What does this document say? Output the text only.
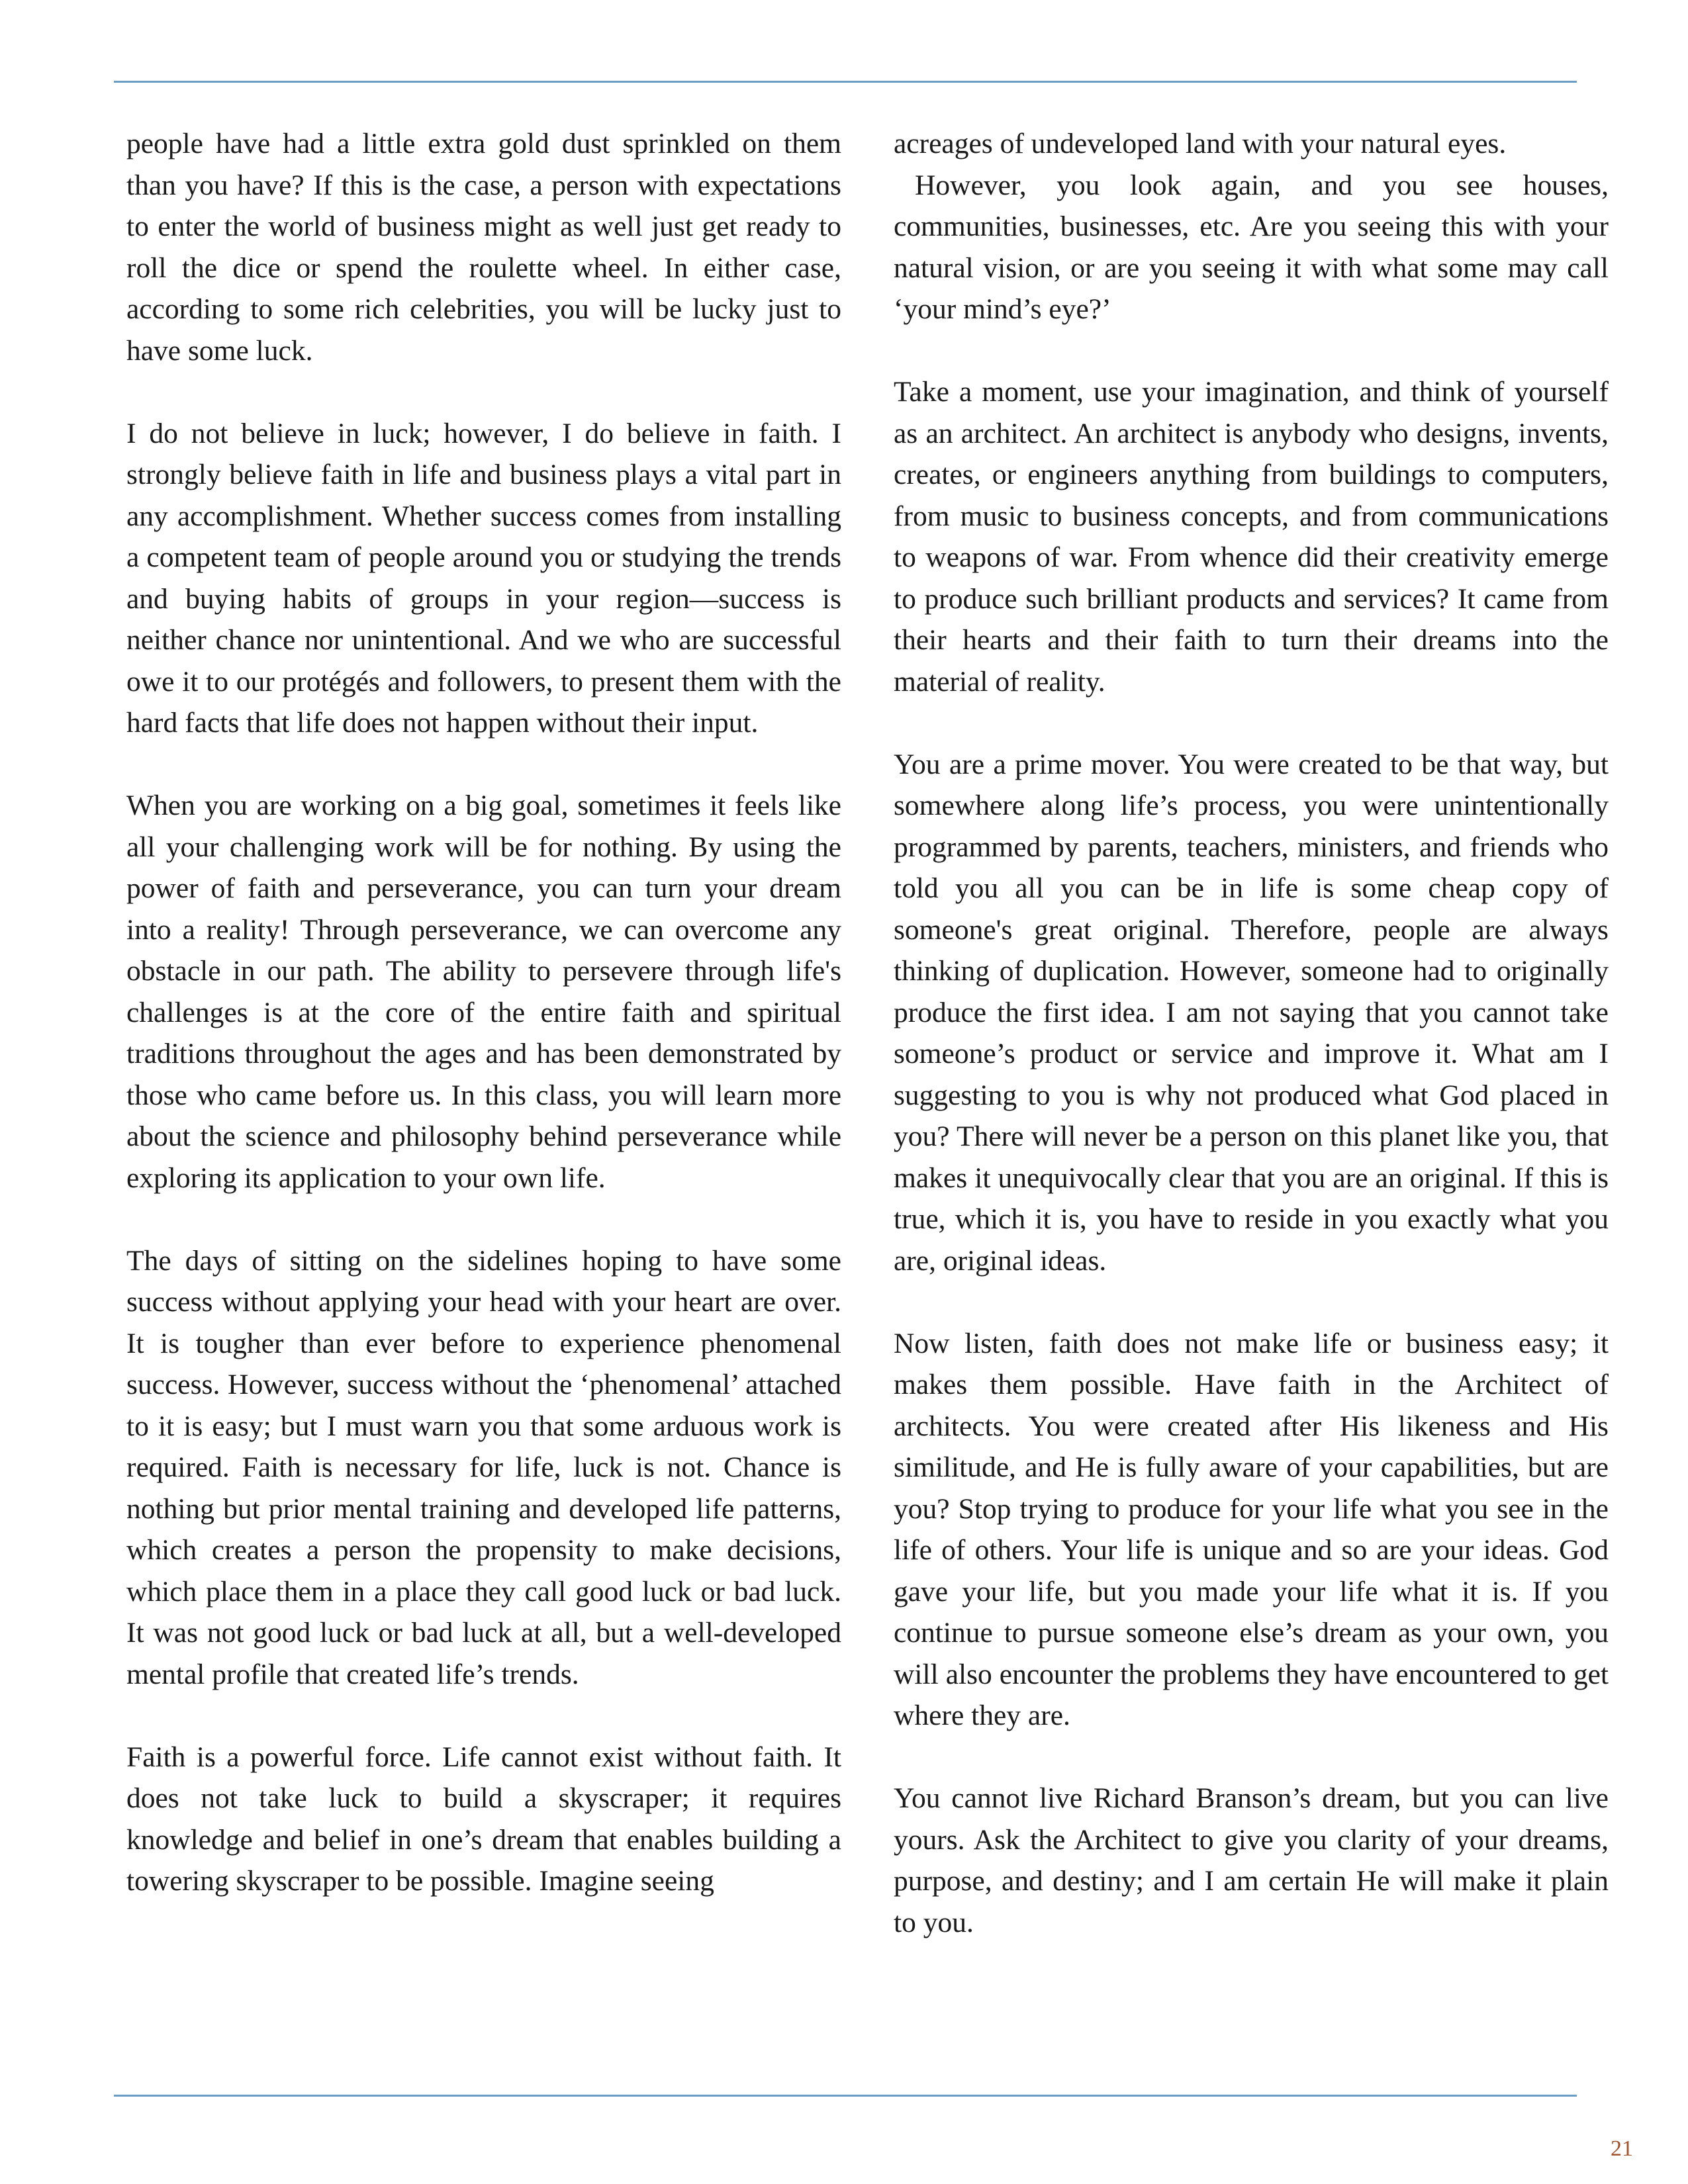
people have had a little extra gold dust sprinkled on them than you have? If this is the case, a person with expectations to enter the world of business might as well just get ready to roll the dice or spend the roulette wheel. In either case, according to some rich celebrities, you will be lucky just to have some luck.

I do not believe in luck; however, I do believe in faith. I strongly believe faith in life and business plays a vital part in any accomplishment. Whether success comes from installing a competent team of people around you or studying the trends and buying habits of groups in your region—success is neither chance nor unintentional. And we who are successful owe it to our protégés and followers, to present them with the hard facts that life does not happen without their input.

When you are working on a big goal, sometimes it feels like all your challenging work will be for nothing. By using the power of faith and perseverance, you can turn your dream into a reality! Through perseverance, we can overcome any obstacle in our path. The ability to persevere through life's challenges is at the core of the entire faith and spiritual traditions throughout the ages and has been demonstrated by those who came before us. In this class, you will learn more about the science and philosophy behind perseverance while exploring its application to your own life.

The days of sitting on the sidelines hoping to have some success without applying your head with your heart are over. It is tougher than ever before to experience phenomenal success. However, success without the ‘phenomenal’ attached to it is easy; but I must warn you that some arduous work is required. Faith is necessary for life, luck is not. Chance is nothing but prior mental training and developed life patterns, which creates a person the propensity to make decisions, which place them in a place they call good luck or bad luck. It was not good luck or bad luck at all, but a well-developed mental profile that created life’s trends.

Faith is a powerful force. Life cannot exist without faith. It does not take luck to build a skyscraper; it requires knowledge and belief in one’s dream that enables building a towering skyscraper to be possible. Imagine seeing

acreages of undeveloped land with your natural eyes.

However, you look again, and you see houses, communities, businesses, etc. Are you seeing this with your natural vision, or are you seeing it with what some may call ‘your mind’s eye?’

Take a moment, use your imagination, and think of yourself as an architect. An architect is anybody who designs, invents, creates, or engineers anything from buildings to computers, from music to business concepts, and from communications to weapons of war. From whence did their creativity emerge to produce such brilliant products and services? It came from their hearts and their faith to turn their dreams into the material of reality.

You are a prime mover. You were created to be that way, but somewhere along life’s process, you were unintentionally programmed by parents, teachers, ministers, and friends who told you all you can be in life is some cheap copy of someone's great original. Therefore, people are always thinking of duplication. However, someone had to originally produce the first idea. I am not saying that you cannot take someone’s product or service and improve it. What am I suggesting to you is why not produced what God placed in you? There will never be a person on this planet like you, that makes it unequivocally clear that you are an original. If this is true, which it is, you have to reside in you exactly what you are, original ideas.

Now listen, faith does not make life or business easy; it makes them possible. Have faith in the Architect of architects. You were created after His likeness and His similitude, and He is fully aware of your capabilities, but are you? Stop trying to produce for your life what you see in the life of others. Your life is unique and so are your ideas. God gave your life, but you made your life what it is. If you continue to pursue someone else’s dream as your own, you will also encounter the problems they have encountered to get where they are.

You cannot live Richard Branson’s dream, but you can live yours. Ask the Architect to give you clarity of your dreams, purpose, and destiny; and I am certain He will make it plain to you.

21
